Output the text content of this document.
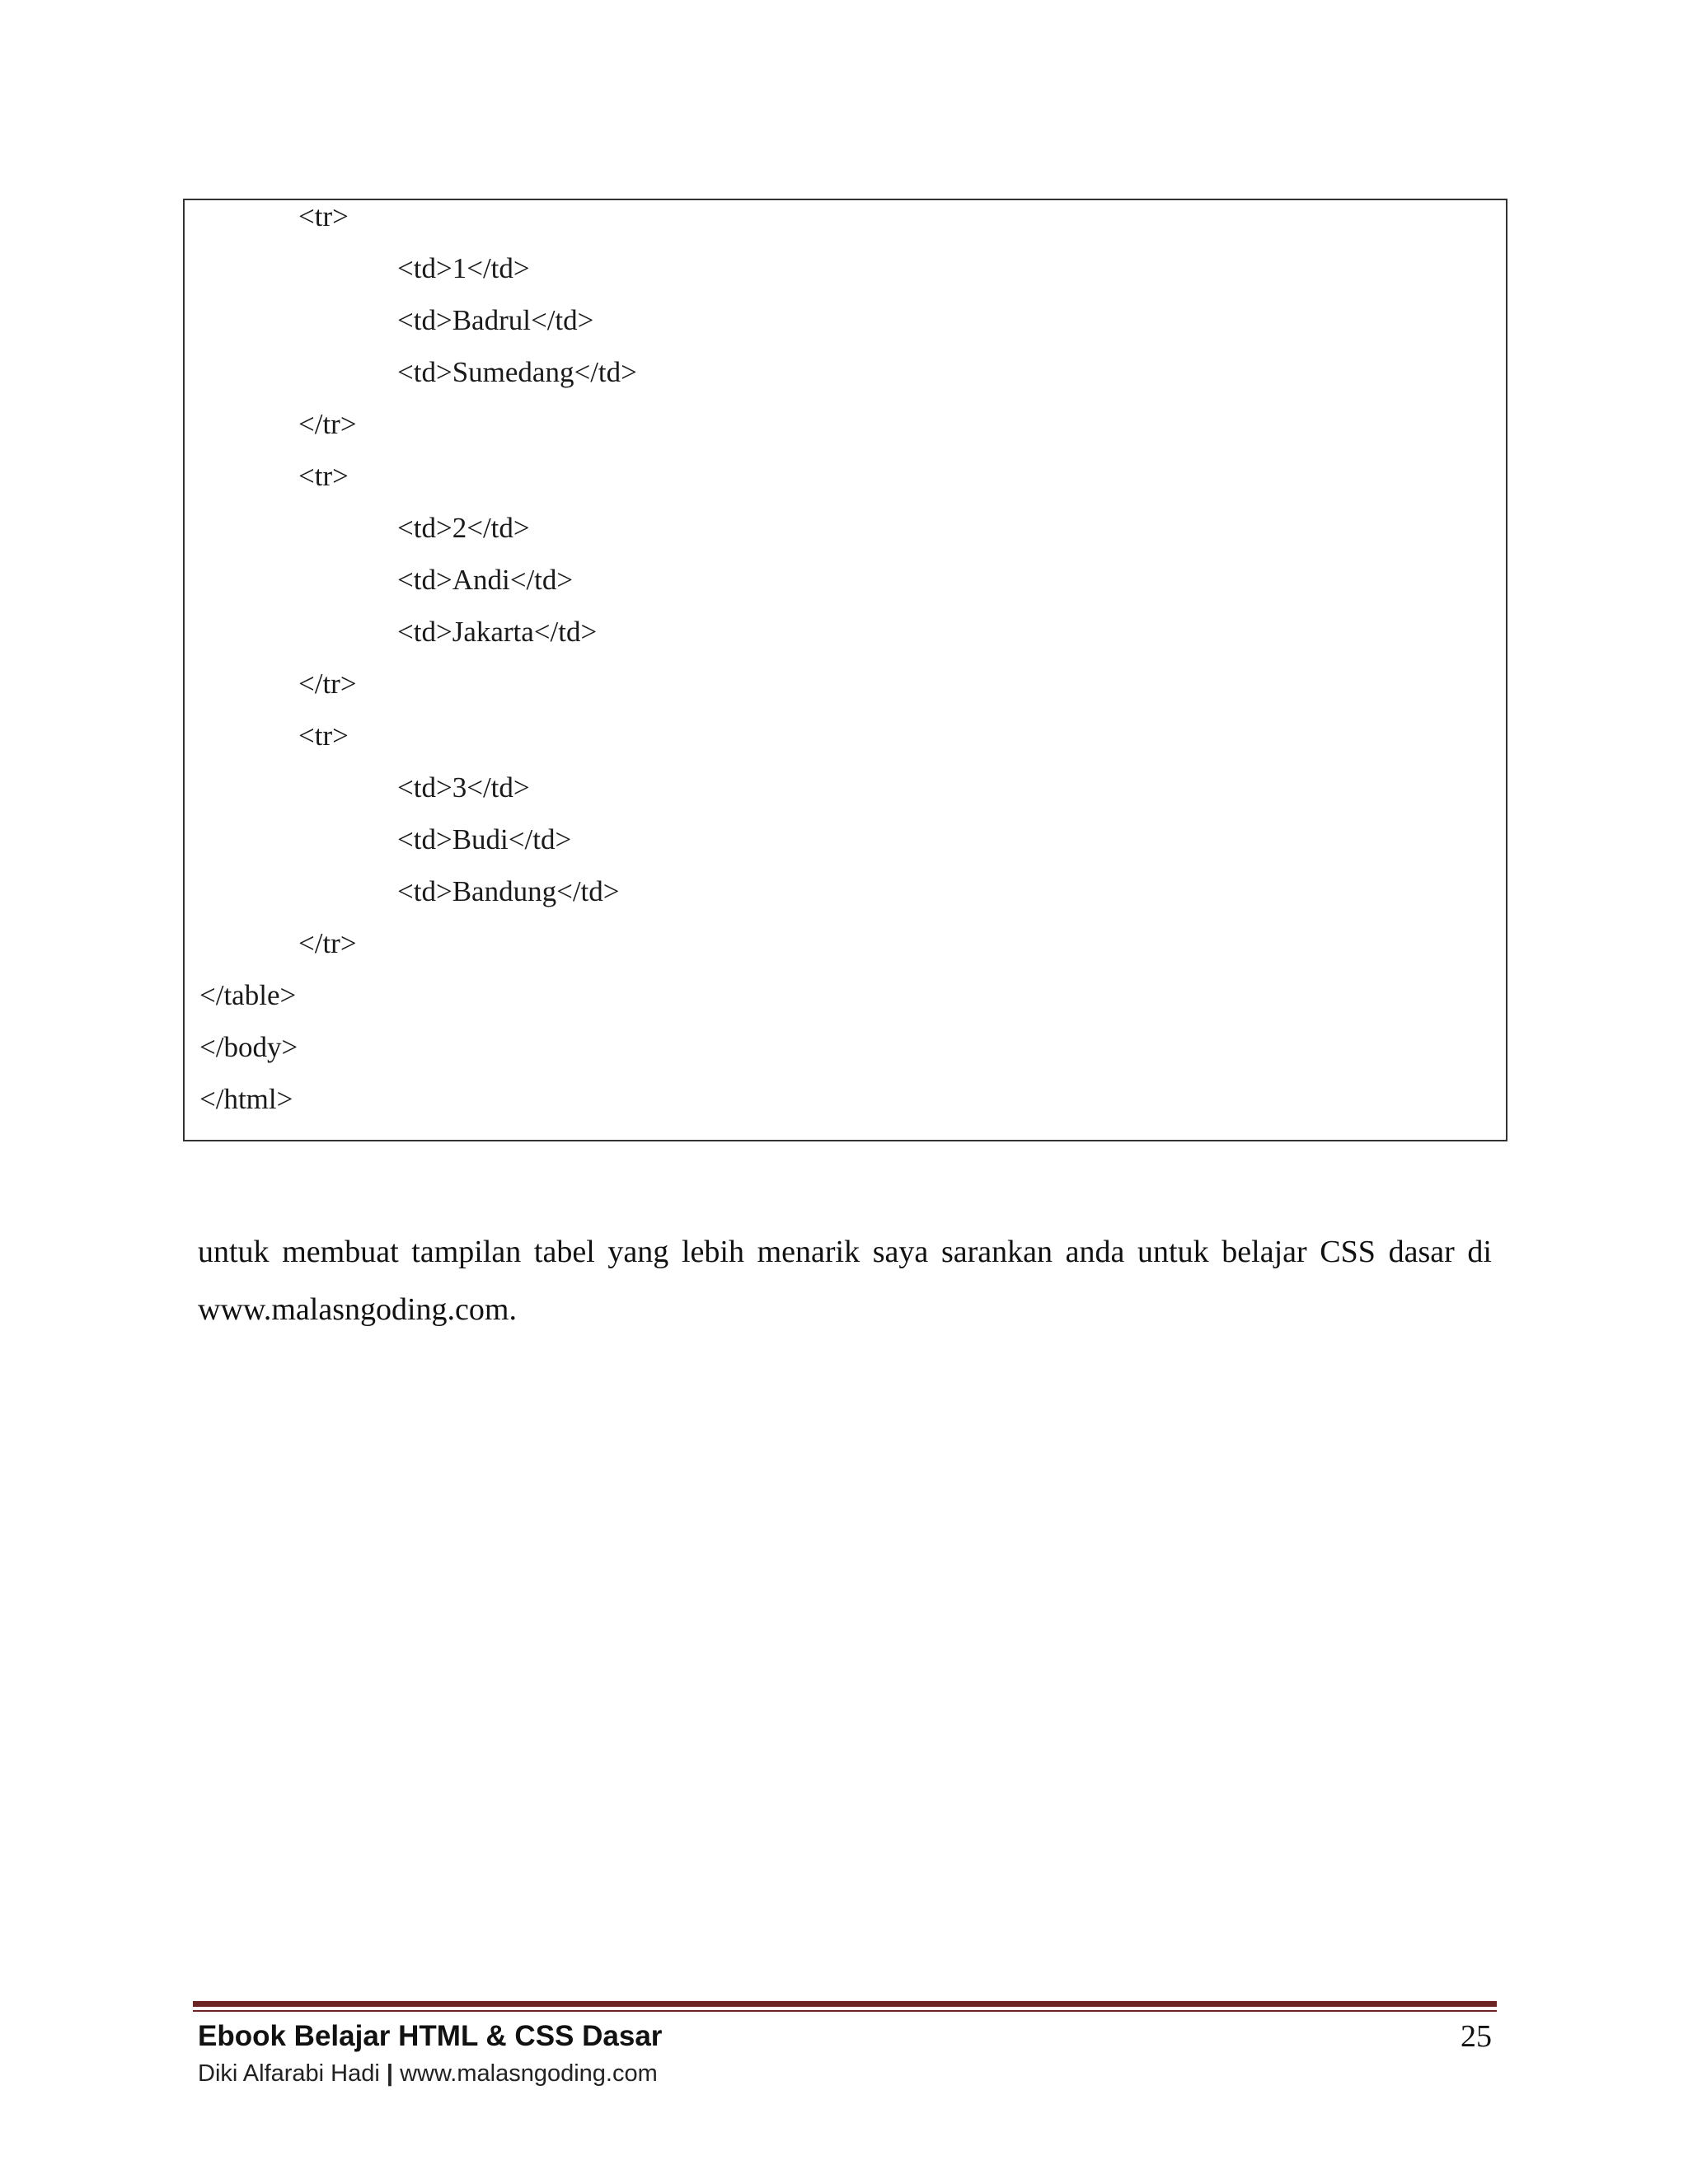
<tr>
<td>1</td>
<td>Badrul</td>
<td>Sumedang</td>
</tr>
<tr>
<td>2</td>
<td>Andi</td>
<td>Jakarta</td>
</tr>
<tr>
<td>3</td>
<td>Budi</td>
<td>Bandung</td>
</tr>
</table>
</body>
</html>

untuk membuat tampilan tabel yang lebih menarik saya sarankan anda untuk belajar CSS dasar di www.malasngoding.com.

Ebook Belajar HTML & CSS Dasar	25
Diki Alfarabi Hadi | www.malasngoding.com
